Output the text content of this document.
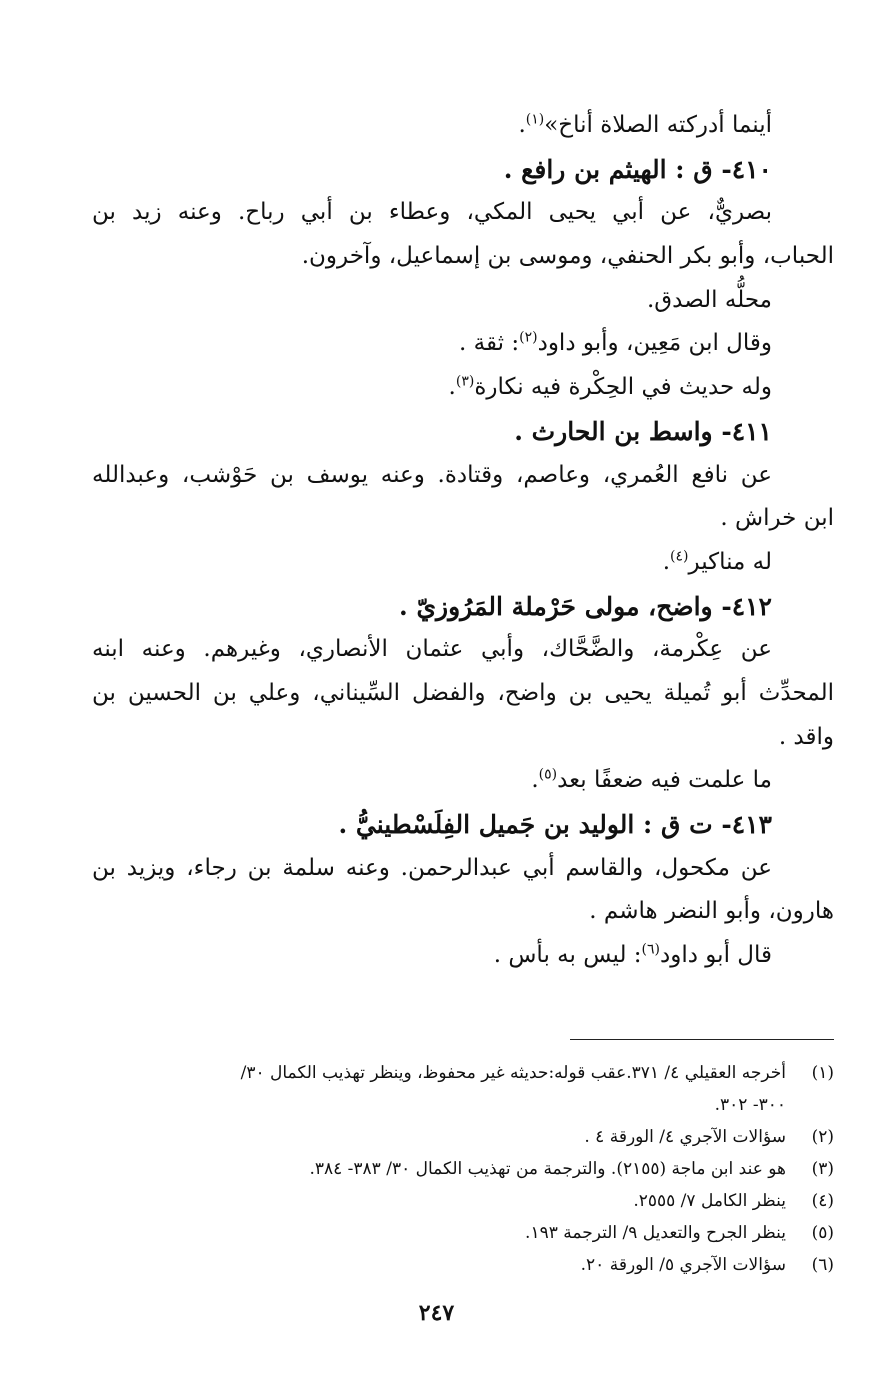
أينما أدركته الصلاة أناخ»$^{(١)}$.
٤١٠- ق : الهيثم بن رافع .
بصريٌّ، عن أبي يحيى المكي، وعطاء بن أبي رباح. وعنه زيد بن
الحباب، وأبو بكر الحنفي، وموسى بن إسماعيل، وآخرون.
محلُّه الصدق.
وقال ابن مَعِين، وأبو داود$^{(٢)}$: ثقة .
وله حديث في الحِكْرة فيه نكارة$^{(٣)}$.
٤١١- واسط بن الحارث .
عن نافع العُمري، وعاصم، وقتادة. وعنه يوسف بن حَوْشب، وعبدالله
ابن خراش .
له مناكير$^{(٤)}$.
٤١٢- واضح، مولى حَرْملة المَرُوزيّ .
عن عِكْرمة، والضَّحَّاك، وأبي عثمان الأنصاري، وغيرهم. وعنه ابنه
المحدِّث أبو تُميلة يحيى بن واضح، والفضل السِّيناني، وعلي بن الحسين بن
واقد .
ما علمت فيه ضعفًا بعد$^{(٥)}$.
٤١٣- ت ق : الوليد بن جَميل الفِلَسْطينيُّ .
عن مكحول، والقاسم أبي عبدالرحمن. وعنه سلمة بن رجاء، ويزيد بن
هارون، وأبو النضر هاشم .
قال أبو داود$^{(٦)}$: ليس به بأس .
(١)
أخرجه العقيلي ٤/ ٣٧١.عقب قوله:حديثه غير محفوظ، وينظر تهذيب الكمال ٣٠/
٣٠٠- ٣٠٢.
(٢)
سؤالات الآجري ٤/ الورقة ٤ .
(٣)
هو عند ابن ماجة (٢١٥٥). والترجمة من تهذيب الكمال ٣٠/ ٣٨٣- ٣٨٤.
(٤)
ينظر الكامل ٧/ ٢٥٥٥.
(٥)
ينظر الجرح والتعديل ٩/ الترجمة ١٩٣.
(٦)
سؤالات الآجري ٥/ الورقة ٢٠.
٢٤٧
